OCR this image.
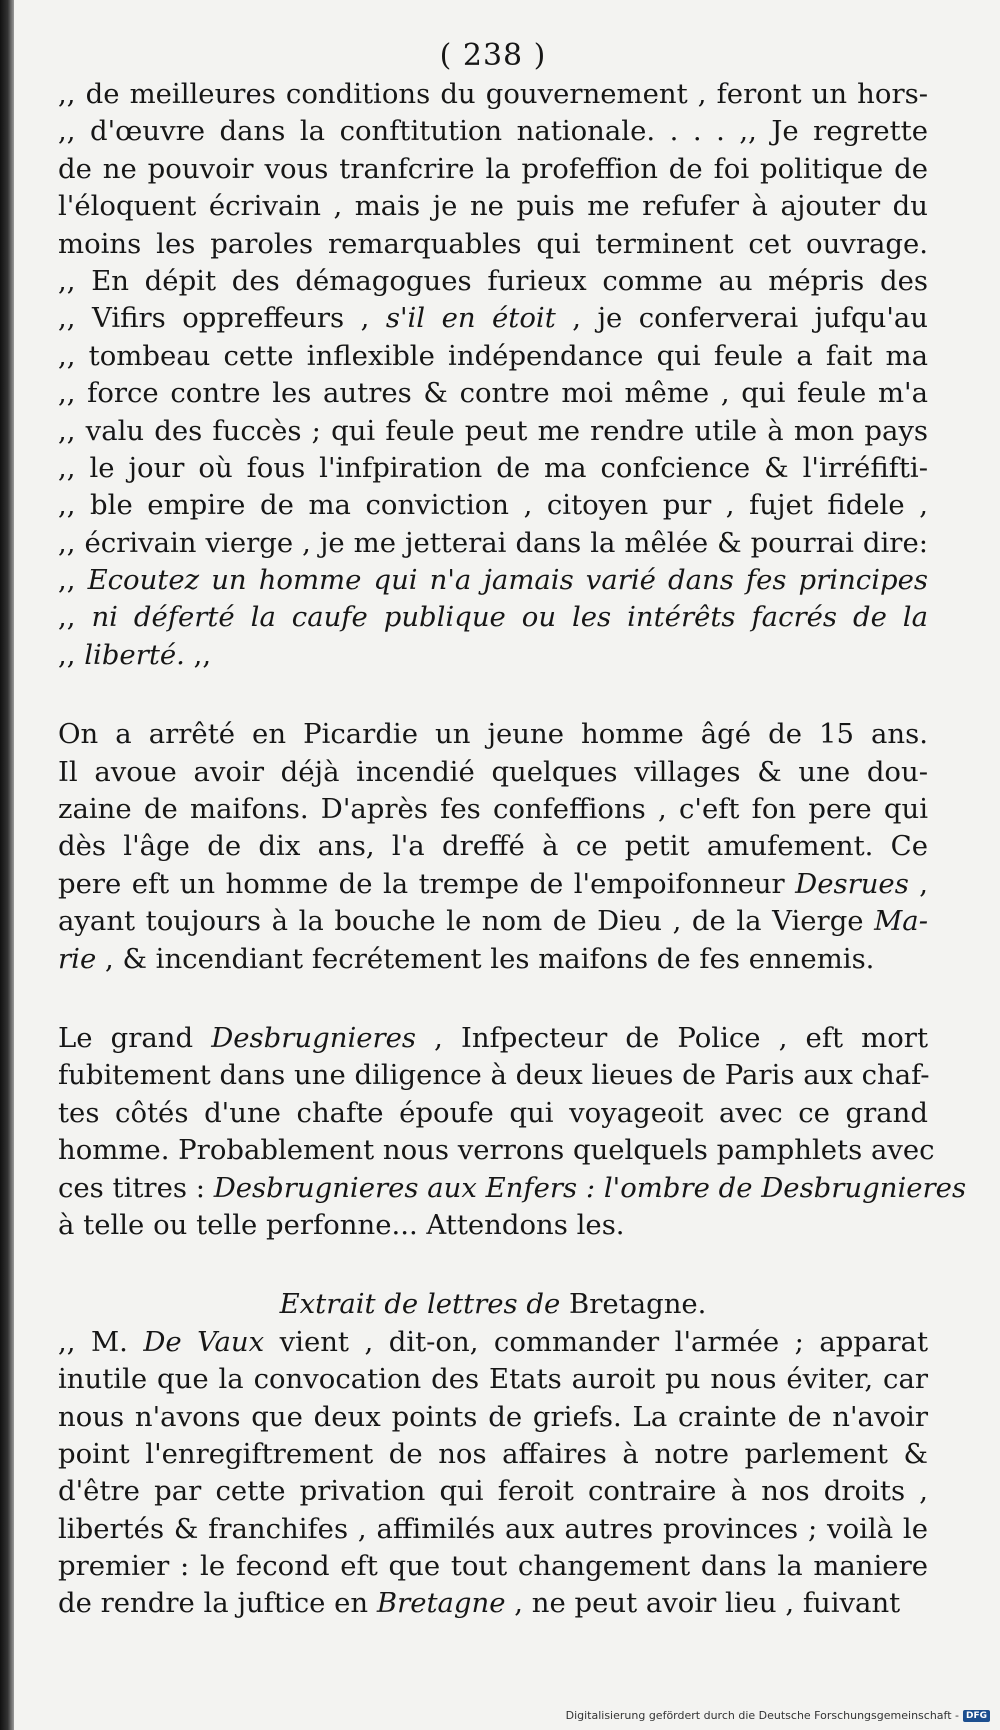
( 238 )
,, de meilleures conditions du gouvernement , feront un hors-
,, d'œuvre dans la conftitution nationale. . . . ,, Je regrette
de ne pouvoir vous tranfcrire la profeffion de foi politique de
l'éloquent écrivain , mais je ne puis me refufer à ajouter du
moins les paroles remarquables qui terminent cet ouvrage.
,, En dépit des démagogues furieux comme au mépris des
,, Vifirs oppreffeurs , s'il en étoit , je conferverai jufqu'au
,, tombeau cette inflexible indépendance qui feule a fait ma
,, force contre les autres & contre moi même , qui feule m'a
,, valu des fuccès ; qui feule peut me rendre utile à mon pays
,, le jour où fous l'infpiration de ma confcience & l'irréfifti-
,, ble empire de ma conviction , citoyen pur , fujet fidele ,
,, écrivain vierge , je me jetterai dans la mêlée & pourrai dire:
,, Ecoutez un homme qui n'a jamais varié dans fes principes
,, ni déferté la caufe publique ou les intérêts facrés de la
,, liberté. ,,
On a arrêté en Picardie un jeune homme âgé de 15 ans.
Il avoue avoir déjà incendié quelques villages & une dou-
zaine de maifons. D'après fes confeffions , c'eft fon pere qui
dès l'âge de dix ans, l'a dreffé à ce petit amufement. Ce
pere eft un homme de la trempe de l'empoifonneur Desrues ,
ayant toujours à la bouche le nom de Dieu , de la Vierge Ma-
rie , & incendiant fecrétement les maifons de fes ennemis.
Le grand Desbrugnieres , Infpecteur de Police , eft mort
fubitement dans une diligence à deux lieues de Paris aux chaf-
tes côtés d'une chafte époufe qui voyageoit avec ce grand
homme. Probablement nous verrons quelquels pamphlets avec
ces titres : Desbrugnieres aux Enfers : l'ombre de Desbrugnieres
à telle ou telle perfonne... Attendons les.
Extrait de lettres de Bretagne.
,, M. De Vaux vient , dit-on, commander l'armée ; apparat
inutile que la convocation des Etats auroit pu nous éviter, car
nous n'avons que deux points de griefs. La crainte de n'avoir
point l'enregiftrement de nos affaires à notre parlement &
d'être par cette privation qui feroit contraire à nos droits ,
libertés & franchifes , affimilés aux autres provinces ; voilà le
premier : le fecond eft que tout changement dans la maniere
de rendre la juftice en Bretagne , ne peut avoir lieu , fuivant
Digitalisierung gefördert durch die Deutsche Forschungsgemeinschaft - DFG
